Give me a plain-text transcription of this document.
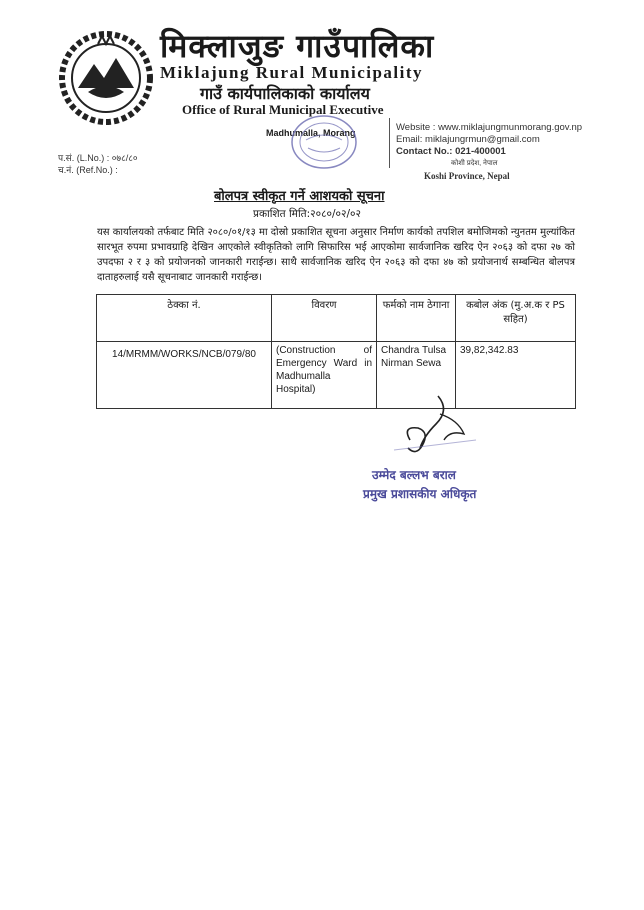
मिक्लाजुङ गाउँपालिका
Miklajung Rural Municipality
गाउँ कार्यपालिकाको कार्यालय
Office of Rural Municipal Executive
Madhumalla, Morang	Website : www.miklajungmunmorang.gov.np
Email: miklajungrmun@gmail.com
Contact No.: 021-400001
कोशी प्रदेश, नेपाल
Koshi Province, Nepal
प.सं. (L.No.) : ०७८/८०
च.नं. (Ref.No.) :
बोलपत्र स्वीकृत गर्ने आशयको सूचना
प्रकाशित मिति:२०८०/०२/०२
यस कार्यालयको तर्फबाट मिति २०८०/०१/१३ मा दोस्रो प्रकाशित सूचना अनुसार निर्माण कार्यको तपशिल बमोजिमको न्युनतम मुल्यांकित सारभूत रुपमा प्रभावग्राहि देखिन आएकोले स्वीकृतिको लागि सिफारिस भई आएकोमा सार्वजानिक खरिद ऐन २०६३ को दफा २७ को उपदफा २ र ३ को प्रयोजनको जानकारी गराईन्छ। साथै सार्वजानिक खरिद ऐन २०६३ को दफा ४७ को प्रयोजनार्थ सम्बन्धित बोलपत्र दाताहरुलाई यसै सूचनाबाट जानकारी गराईन्छ।
ठेक्का नं.	विवरण	फर्मको नाम ठेगाना	कबोल अंक (मु.अ.क र PS सहित)
14/MRMM/WORKS/NCB/079/80	(Construction of Emergency Ward in Madhumalla Hospital)	Chandra Tulsa Nirman Sewa	39,82,342.83
उम्मेद बल्लभ बराल
प्रमुख प्रशासकीय अधिकृत
